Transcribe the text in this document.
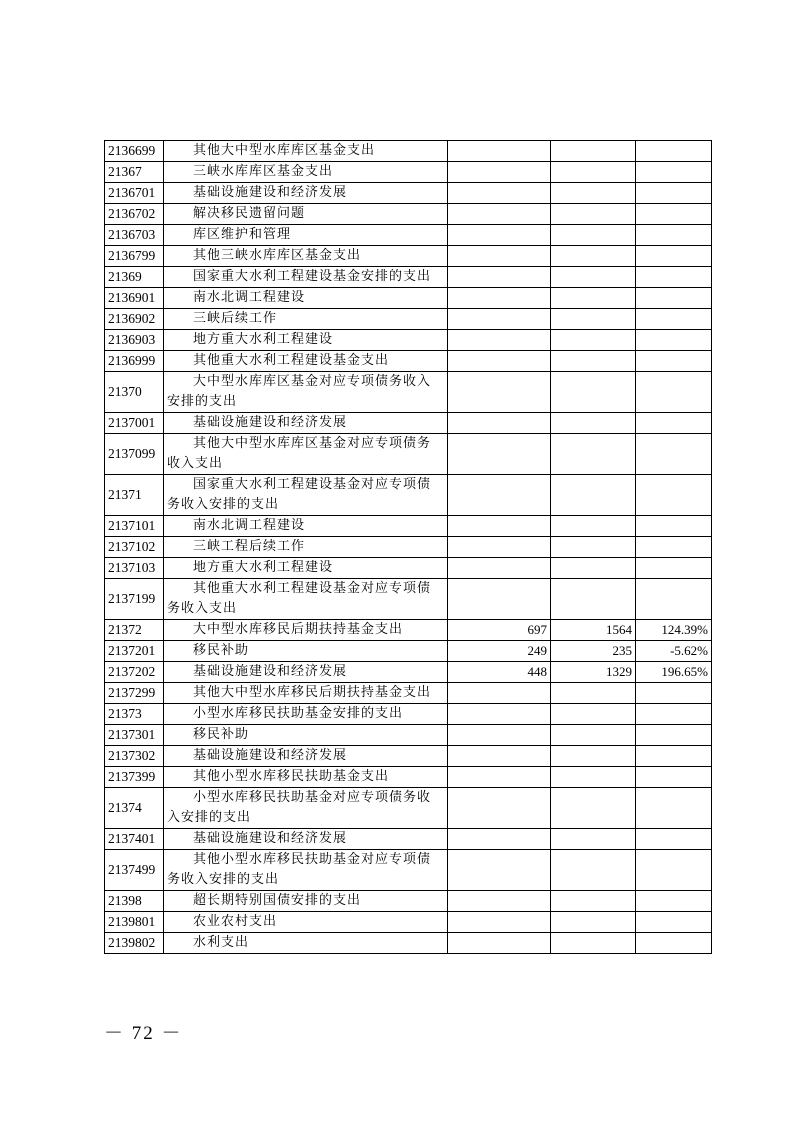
2136699	其他大中型水库库区基金支出			

21367	三峡水库库区基金支出			

2136701	基础设施建设和经济发展			

2136702	解决移民遗留问题			

2136703	库区维护和管理			

2136799	其他三峡水库库区基金支出			

21369	国家重大水利工程建设基金安排的支出			

2136901	南水北调工程建设			

2136902	三峡后续工作			

2136903	地方重大水利工程建设			

2136999	其他重大水利工程建设基金支出			

21370	大中型水库库区基金对应专项债务收入安排的支出			

2137001	基础设施建设和经济发展			

2137099	其他大中型水库库区基金对应专项债务收入支出			

21371	国家重大水利工程建设基金对应专项债务收入安排的支出			

2137101	南水北调工程建设			

2137102	三峡工程后续工作			

2137103	地方重大水利工程建设			

2137199	其他重大水利工程建设基金对应专项债务收入支出			

21372	大中型水库移民后期扶持基金支出	697	1564	124.39%
2137201	移民补助	249	235	-5.62%
2137202	基础设施建设和经济发展	448	1329	196.65%
2137299	其他大中型水库移民后期扶持基金支出			

21373	小型水库移民扶助基金安排的支出			

2137301	移民补助			

2137302	基础设施建设和经济发展			

2137399	其他小型水库移民扶助基金支出			

21374	小型水库移民扶助基金对应专项债务收入安排的支出			

2137401	基础设施建设和经济发展			

2137499	其他小型水库移民扶助基金对应专项债务收入安排的支出			

21398	超长期特别国债安排的支出			

2139801	农业农村支出			

2139802	水利支出			

－ 72 －
